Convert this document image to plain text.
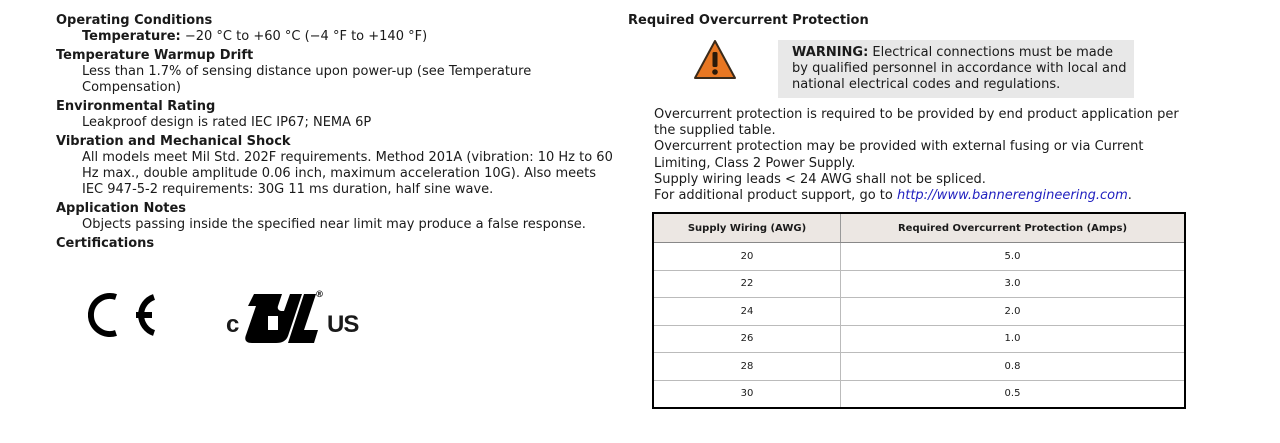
Operating Conditions
Temperature: −20 °C to +60 °C (−4 °F to +140 °F)
Temperature Warmup Drift
Less than 1.7% of sensing distance upon power-up (see Temperature
Compensation)
Environmental Rating
Leakproof design is rated IEC IP67; NEMA 6P
Vibration and Mechanical Shock
All models meet Mil Std. 202F requirements. Method 201A (vibration: 10 Hz to 60
Hz max., double amplitude 0.06 inch, maximum acceleration 10G). Also meets
IEC 947-5-2 requirements: 30G 11 ms duration, half sine wave.
Application Notes
Objects passing inside the specified near limit may produce a false response.
Certifications
c
®
US
Required Overcurrent Protection
WARNING: Electrical connections must be made
by qualified personnel in accordance with local and
national electrical codes and regulations.
Overcurrent protection is required to be provided by end product application per
the supplied table.
Overcurrent protection may be provided with external fusing or via Current
Limiting, Class 2 Power Supply.
Supply wiring leads < 24 AWG shall not be spliced.
For additional product support, go to http://www.bannerengineering.com.
Supply Wiring (AWG)	Required Overcurrent Protection (Amps)
20	5.0
22	3.0
24	2.0
26	1.0
28	0.8
30	0.5
